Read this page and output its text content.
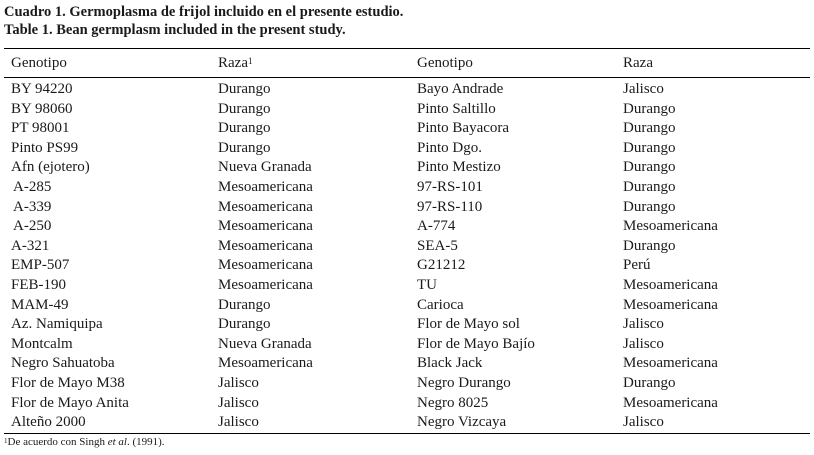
Cuadro 1. Germoplasma de frijol incluido en el presente estudio.
Table 1. Bean germplasm included in the present study.
Genotipo	Raza$^1$	Genotipo	Raza
BY 94220	Durango	Bayo Andrade	Jalisco
BY 98060	Durango	Pinto Saltillo	Durango
PT 98001	Durango	Pinto Bayacora	Durango
Pinto PS99	Durango	Pinto Dgo.	Durango
Afn (ejotero)	Nueva Granada	Pinto Mestizo	Durango
A-285	Mesoamericana	97-RS-101	Durango
A-339	Mesoamericana	97-RS-110	Durango
A-250	Mesoamericana	A-774	Mesoamericana
A-321	Mesoamericana	SEA-5	Durango
EMP-507	Mesoamericana	G21212	Perú
FEB-190	Mesoamericana	TU	Mesoamericana
MAM-49	Durango	Carioca	Mesoamericana
Az. Namiquipa	Durango	Flor de Mayo sol	Jalisco
Montcalm	Nueva Granada	Flor de Mayo Bajío	Jalisco
Negro Sahuatoba	Mesoamericana	Black Jack	Mesoamericana
Flor de Mayo M38	Jalisco	Negro Durango	Durango
Flor de Mayo Anita	Jalisco	Negro 8025	Mesoamericana
Alteño 2000	Jalisco	Negro Vizcaya	Jalisco
$^1$De acuerdo con Singh et al. (1991).
